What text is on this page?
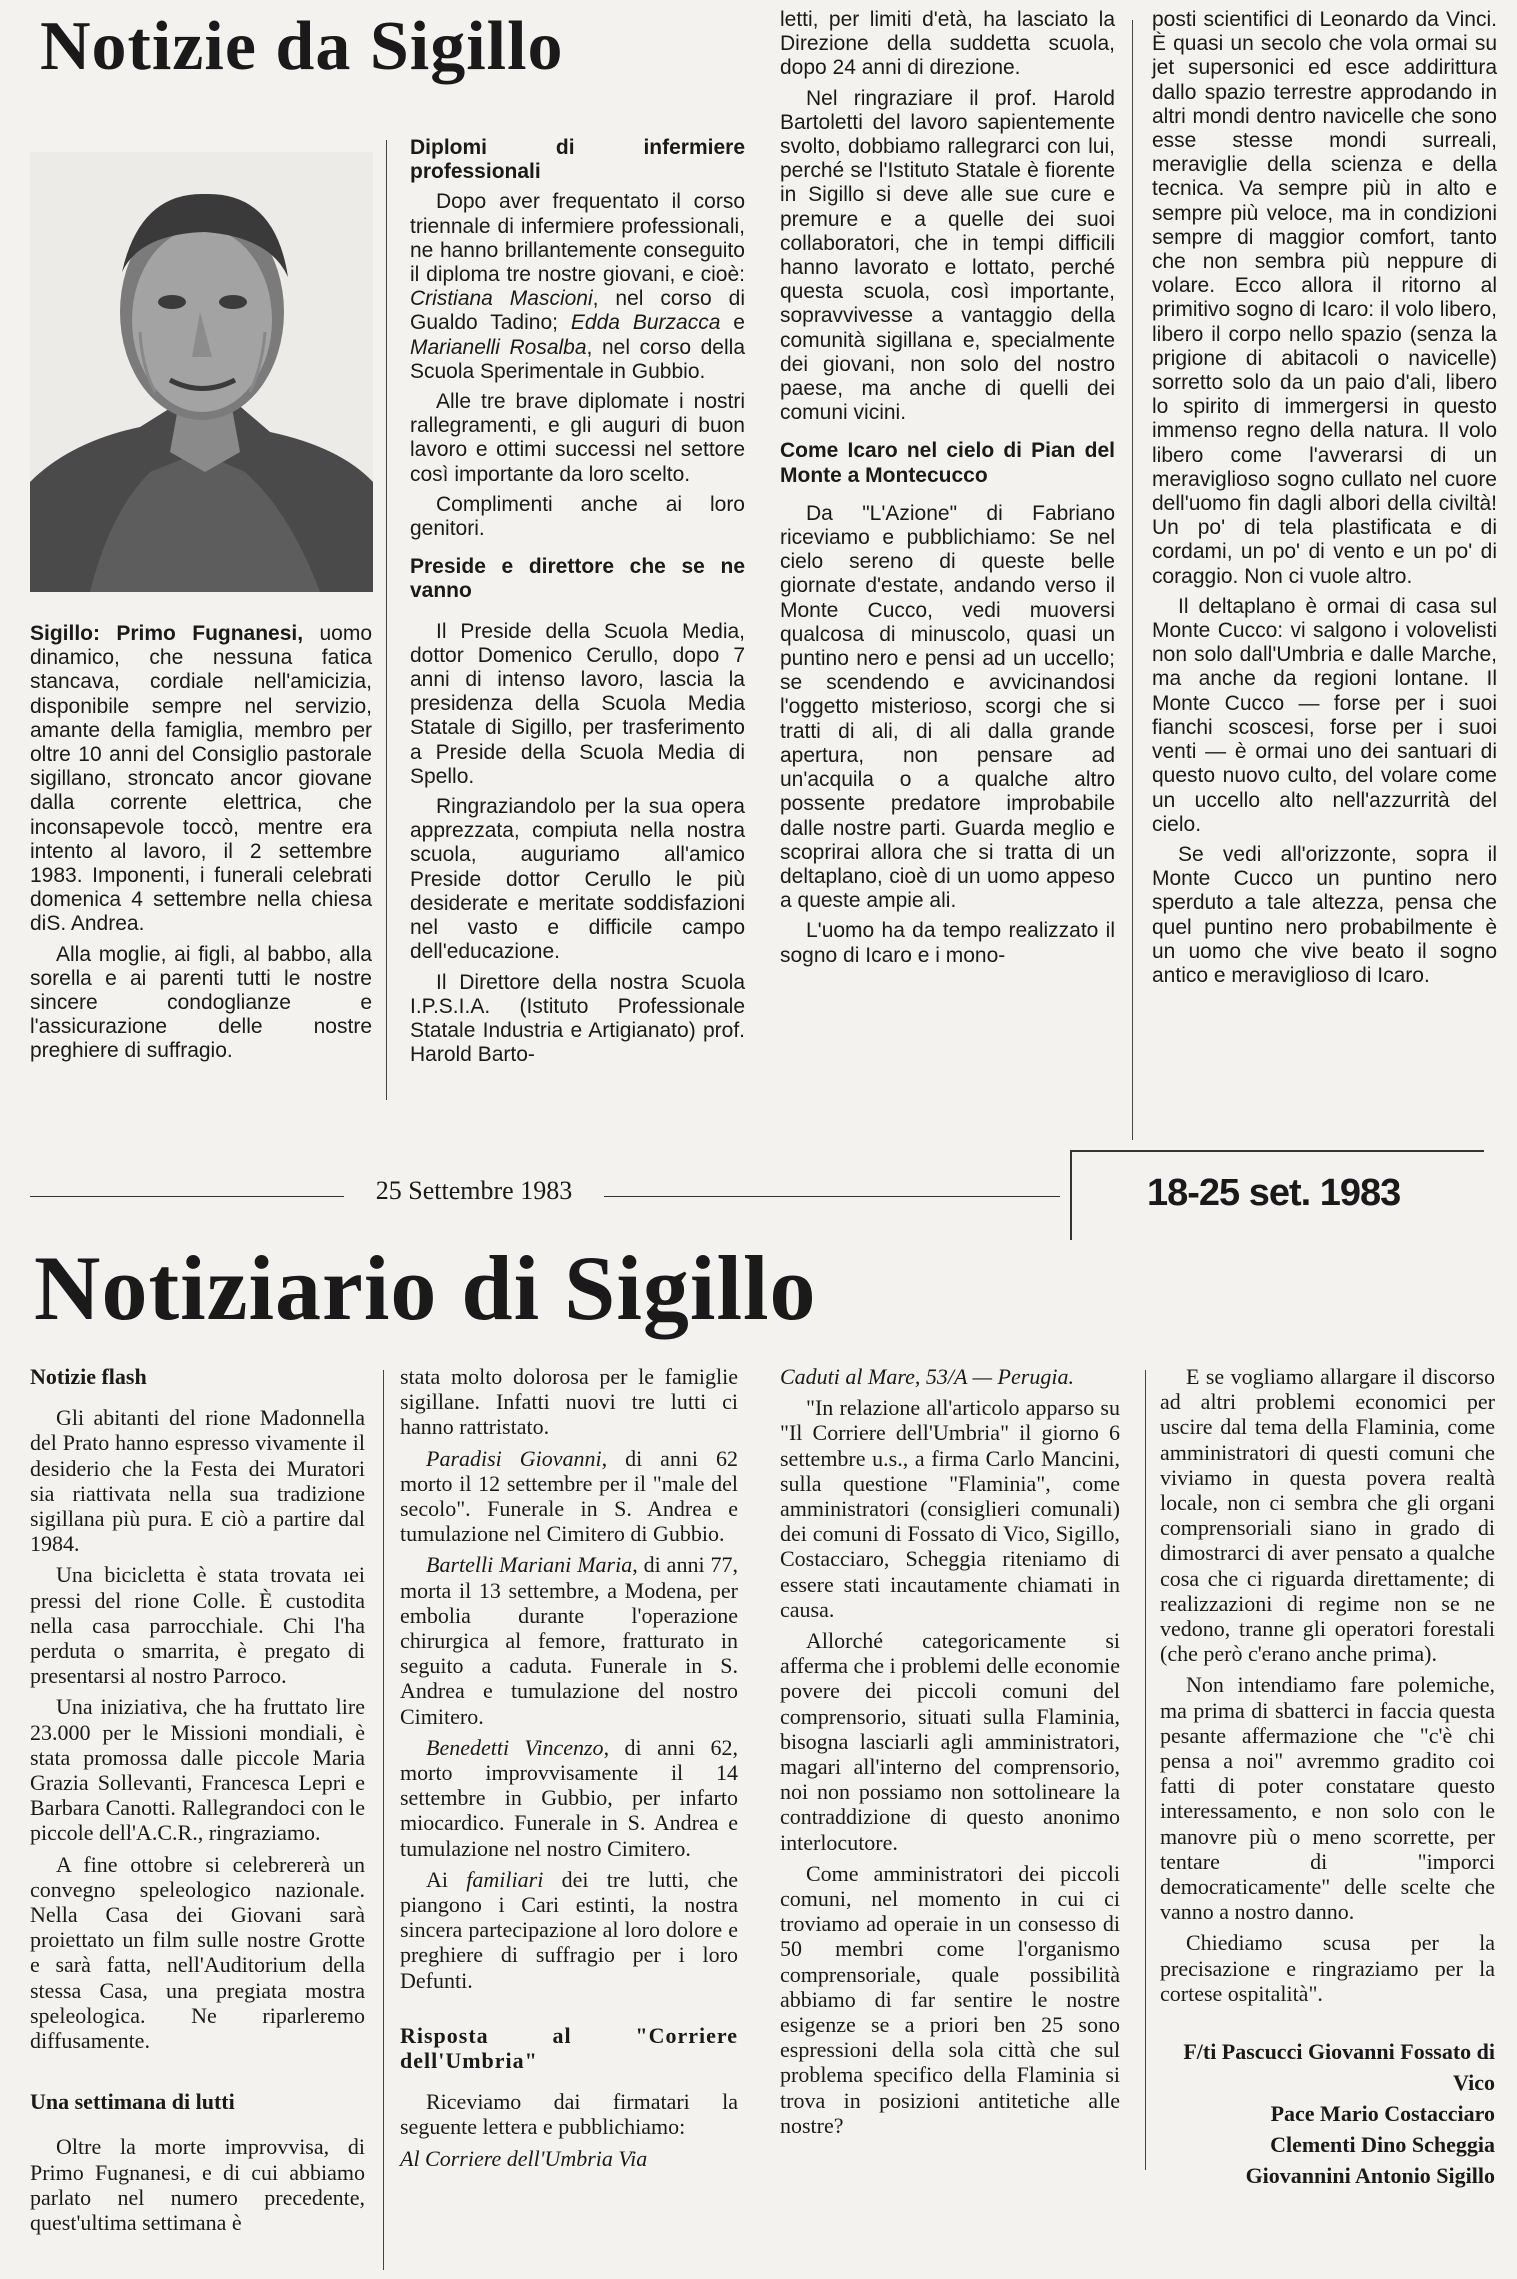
Notizie da Sigillo

Sigillo: Primo Fugnanesi, uomo dinamico, che nessuna fatica stancava, cordiale nell'amicizia, disponibile sempre nel servizio, amante della famiglia, membro per oltre 10 anni del Consiglio pastorale sigillano, stroncato ancor giovane dalla corrente elettrica, che inconsapevole toccò, mentre era intento al lavoro, il 2 settembre 1983. Imponenti, i funerali celebrati domenica 4 settembre nella chiesa diS. Andrea.

Alla moglie, ai figli, al babbo, alla sorella e ai parenti tutti le nostre sincere condoglianze e l'assicurazione delle nostre preghiere di suffragio.

Diplomi di infermiere professionali

Dopo aver frequentato il corso triennale di infermiere professionali, ne hanno brillantemente conseguito il diploma tre nostre giovani, e cioè: Cristiana Mascioni, nel corso di Gualdo Tadino; Edda Burzacca e Marianelli Rosalba, nel corso della Scuola Sperimentale in Gubbio.

Alle tre brave diplomate i nostri rallegramenti, e gli auguri di buon lavoro e ottimi successi nel settore così importante da loro scelto.

Complimenti anche ai loro genitori.

Preside e direttore che se ne vanno

Il Preside della Scuola Media, dottor Domenico Cerullo, dopo 7 anni di intenso lavoro, lascia la presidenza della Scuola Media Statale di Sigillo, per trasferimento a Preside della Scuola Media di Spello.

Ringraziandolo per la sua opera apprezzata, compiuta nella nostra scuola, auguriamo all'amico Preside dottor Cerullo le più desiderate e meritate soddisfazioni nel vasto e difficile campo dell'educazione.

Il Direttore della nostra Scuola I.P.S.I.A. (Istituto Professionale Statale Industria e Artigianato) prof. Harold Barto-

letti, per limiti d'età, ha lasciato la Direzione della suddetta scuola, dopo 24 anni di direzione.

Nel ringraziare il prof. Harold Bartoletti del lavoro sapientemente svolto, dobbiamo rallegrarci con lui, perché se l'Istituto Statale è fiorente in Sigillo si deve alle sue cure e premure e a quelle dei suoi collaboratori, che in tempi difficili hanno lavorato e lottato, perché questa scuola, così importante, sopravvivesse a vantaggio della comunità sigillana e, specialmente dei giovani, non solo del nostro paese, ma anche di quelli dei comuni vicini.

Come Icaro nel cielo di Pian del Monte a Montecucco

Da "L'Azione" di Fabriano riceviamo e pubblichiamo: Se nel cielo sereno di queste belle giornate d'estate, andando verso il Monte Cucco, vedi muoversi qualcosa di minuscolo, quasi un puntino nero e pensi ad un uccello; se scendendo e avvicinandosi l'oggetto misterioso, scorgi che si tratti di ali, di ali dalla grande apertura, non pensare ad un'acquila o a qualche altro possente predatore improbabile dalle nostre parti. Guarda meglio e scoprirai allora che si tratta di un deltaplano, cioè di un uomo appeso a queste ampie ali.

L'uomo ha da tempo realizzato il sogno di Icaro e i mono-

posti scientifici di Leonardo da Vinci. È quasi un secolo che vola ormai su jet supersonici ed esce addirittura dallo spazio terrestre approdando in altri mondi dentro navicelle che sono esse stesse mondi surreali, meraviglie della scienza e della tecnica. Va sempre più in alto e sempre più veloce, ma in condizioni sempre di maggior comfort, tanto che non sembra più neppure di volare. Ecco allora il ritorno al primitivo sogno di Icaro: il volo libero, libero il corpo nello spazio (senza la prigione di abitacoli o navicelle) sorretto solo da un paio d'ali, libero lo spirito di immergersi in questo immenso regno della natura. Il volo libero come l'avverarsi di un meraviglioso sogno cullato nel cuore dell'uomo fin dagli albori della civiltà! Un po' di tela plastificata e di cordami, un po' di vento e un po' di coraggio. Non ci vuole altro.

Il deltaplano è ormai di casa sul Monte Cucco: vi salgono i volovelisti non solo dall'Umbria e dalle Marche, ma anche da regioni lontane. Il Monte Cucco — forse per i suoi fianchi scoscesi, forse per i suoi venti — è ormai uno dei santuari di questo nuovo culto, del volare come un uccello alto nell'azzurrità del cielo.

Se vedi all'orizzonte, sopra il Monte Cucco un puntino nero sperduto a tale altezza, pensa che quel puntino nero probabilmente è un uomo che vive beato il sogno antico e meraviglioso di Icaro.

25 Settembre 1983	18-25 set. 1983
Notiziario di Sigillo

Notizie flash

Gli abitanti del rione Madonnella del Prato hanno espresso vivamente il desiderio che la Festa dei Muratori sia riattivata nella sua tradizione sigillana più pura. E ciò a partire dal 1984.

Una bicicletta è stata trovata ıei pressi del rione Colle. È custodita nella casa parrocchiale. Chi l'ha perduta o smarrita, è pregato di presentarsi al nostro Parroco.

Una iniziativa, che ha fruttato lire 23.000 per le Missioni mondiali, è stata promossa dalle piccole Maria Grazia Sollevanti, Francesca Lepri e Barbara Canotti. Rallegrandoci con le piccole dell'A.C.R., ringraziamo.

A fine ottobre si celebrererà un convegno speleologico nazionale. Nella Casa dei Giovani sarà proiettato un film sulle nostre Grotte e sarà fatta, nell'Auditorium della stessa Casa, una pregiata mostra speleologica. Ne riparleremo diffusamente.

Una settimana di lutti

Oltre la morte improvvisa, di Primo Fugnanesi, e di cui abbiamo parlato nel numero precedente, quest'ultima settimana è

stata molto dolorosa per le famiglie sigillane. Infatti nuovi tre lutti ci hanno rattristato.

Paradisi Giovanni, di anni 62 morto il 12 settembre per il "male del secolo". Funerale in S. Andrea e tumulazione nel Cimitero di Gubbio.

Bartelli Mariani Maria, di anni 77, morta il 13 settembre, a Modena, per embolia durante l'operazione chirurgica al femore, fratturato in seguito a caduta. Funerale in S. Andrea e tumulazione del nostro Cimitero.

Benedetti Vincenzo, di anni 62, morto improvvisamente il 14 settembre in Gubbio, per infarto miocardico. Funerale in S. Andrea e tumulazione nel nostro Cimitero.

Ai familiari dei tre lutti, che piangono i Cari estinti, la nostra sincera partecipazione al loro dolore e preghiere di suffragio per i loro Defunti.

Risposta al "Corriere dell'Umbria"

Riceviamo dai firmatari la seguente lettera e pubblichiamo:

Al Corriere dell'Umbria Via

Caduti al Mare, 53/A — Perugia.

"In relazione all'articolo apparso su "Il Corriere dell'Umbria" il giorno 6 settembre u.s., a firma Carlo Mancini, sulla questione "Flaminia", come amministratori (consiglieri comunali) dei comuni di Fossato di Vico, Sigillo, Costacciaro, Scheggia riteniamo di essere stati incautamente chiamati in causa.

Allorché categoricamente si afferma che i problemi delle economie povere dei piccoli comuni del comprensorio, situati sulla Flaminia, bisogna lasciarli agli amministratori, magari all'interno del comprensorio, noi non possiamo non sottolineare la contraddizione di questo anonimo interlocutore.

Come amministratori dei piccoli comuni, nel momento in cui ci troviamo ad operaie in un consesso di 50 membri come l'organismo comprensoriale, quale possibilità abbiamo di far sentire le nostre esigenze se a priori ben 25 sono espressioni della sola città che sul problema specifico della Flaminia si trova in posizioni antitetiche alle nostre?

E se vogliamo allargare il discorso ad altri problemi economici per uscire dal tema della Flaminia, come amministratori di questi comuni che viviamo in questa povera realtà locale, non ci sembra che gli organi comprensoriali siano in grado di dimostrarci di aver pensato a qualche cosa che ci riguarda direttamente; di realizzazioni di regime non se ne vedono, tranne gli operatori forestali (che però c'erano anche prima).

Non intendiamo fare polemiche, ma prima di sbatterci in faccia questa pesante affermazione che "c'è chi pensa a noi" avremmo gradito coi fatti di poter constatare questo interessamento, e non solo con le manovre più o meno scorrette, per tentare di "imporci democraticamente" delle scelte che vanno a nostro danno.

Chiediamo scusa per la precisazione e ringraziamo per la cortese ospitalità".

F/ti Pascucci Giovanni Fossato di Vico
Pace Mario Costacciaro
Clementi Dino Scheggia
Giovannini Antonio Sigillo
